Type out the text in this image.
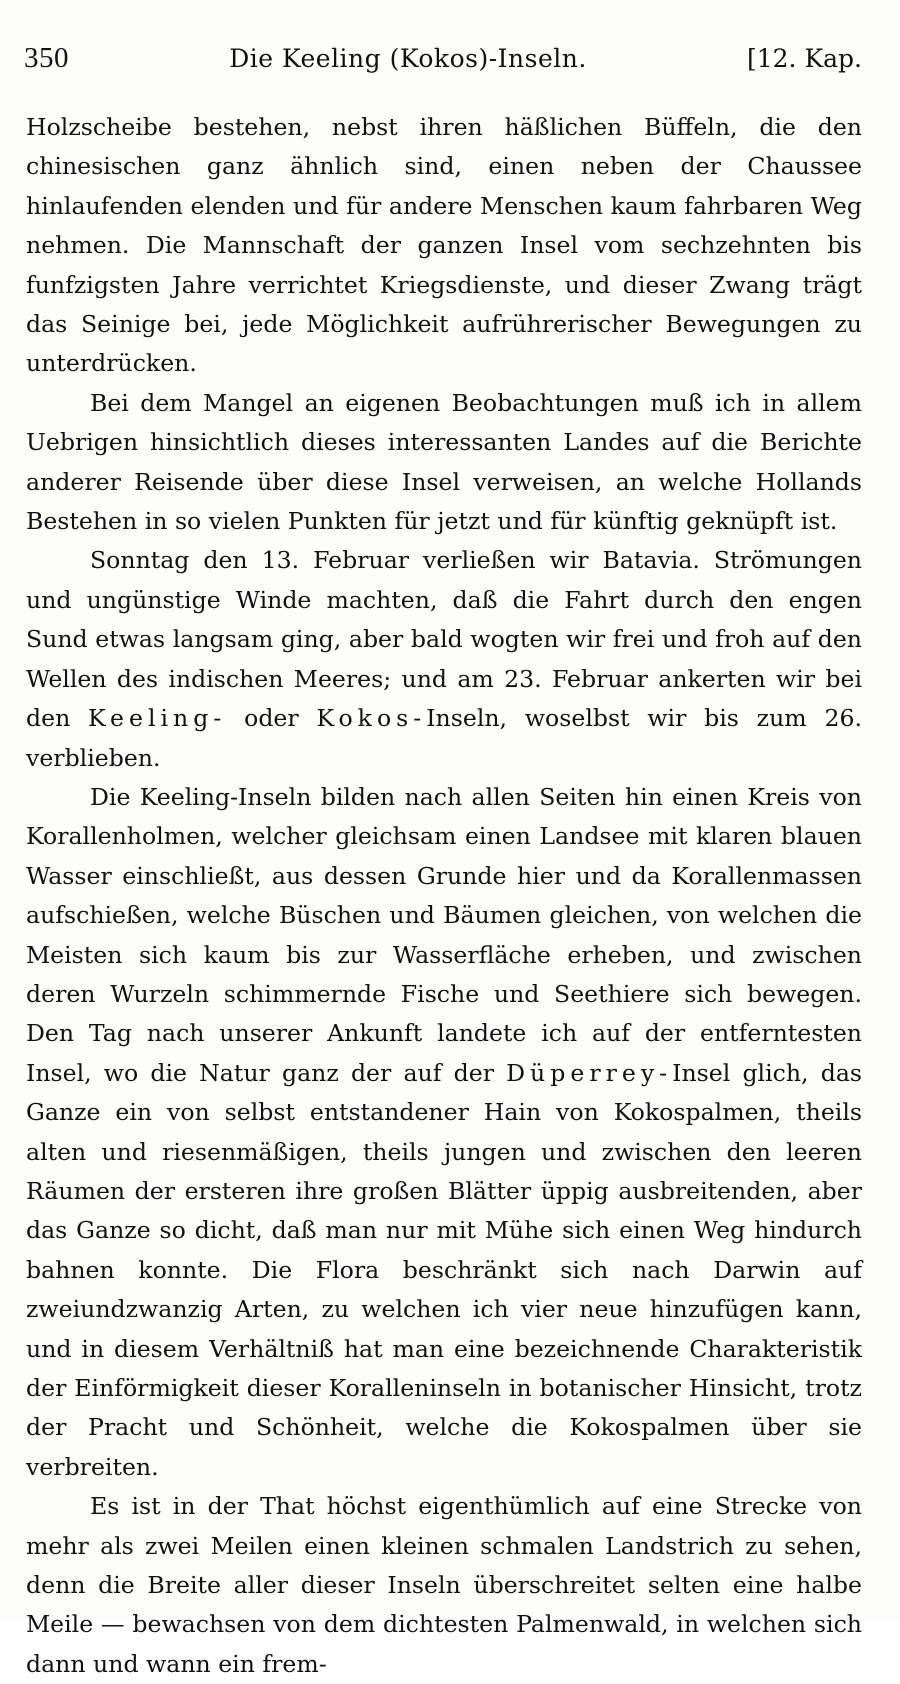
350	Die Keeling (Kokos)-Inseln.	[12. Kap.

Holzscheibe bestehen, nebst ihren häßlichen Büffeln, die den chinesischen ganz ähnlich sind, einen neben der Chaussee hinlaufenden elenden und für andere Menschen kaum fahrbaren Weg nehmen. Die Mannschaft der ganzen Insel vom sechzehnten bis funfzigsten Jahre verrichtet Kriegsdienste, und dieser Zwang trägt das Seinige bei, jede Möglichkeit aufrührerischer Bewegungen zu unterdrücken.

Bei dem Mangel an eigenen Beobachtungen muß ich in allem Uebrigen hinsichtlich dieses interessanten Landes auf die Berichte anderer Reisende über diese Insel verweisen, an welche Hollands Bestehen in so vielen Punkten für jetzt und für künftig geknüpft ist.

Sonntag den 13. Februar verließen wir Batavia. Strömungen und ungünstige Winde machten, daß die Fahrt durch den engen Sund etwas langsam ging, aber bald wogten wir frei und froh auf den Wellen des indischen Meeres; und am 23. Februar ankerten wir bei den Keeling- oder Kokos-Inseln, woselbst wir bis zum 26. verblieben.

Die Keeling-Inseln bilden nach allen Seiten hin einen Kreis von Korallenholmen, welcher gleichsam einen Landsee mit klaren blauen Wasser einschließt, aus dessen Grunde hier und da Korallenmassen aufschießen, welche Büschen und Bäumen gleichen, von welchen die Meisten sich kaum bis zur Wasserfläche erheben, und zwischen deren Wurzeln schimmernde Fische und Seethiere sich bewegen. Den Tag nach unserer Ankunft landete ich auf der entferntesten Insel, wo die Natur ganz der auf der Düperrey-Insel glich, das Ganze ein von selbst entstandener Hain von Kokospalmen, theils alten und riesenmäßigen, theils jungen und zwischen den leeren Räumen der ersteren ihre großen Blätter üppig ausbreitenden, aber das Ganze so dicht, daß man nur mit Mühe sich einen Weg hindurch bahnen konnte. Die Flora beschränkt sich nach Darwin auf zweiundzwanzig Arten, zu welchen ich vier neue hinzufügen kann, und in diesem Verhältniß hat man eine bezeichnende Charakteristik der Einförmigkeit dieser Koralleninseln in botanischer Hinsicht, trotz der Pracht und Schönheit, welche die Kokospalmen über sie verbreiten.

Es ist in der That höchst eigenthümlich auf eine Strecke von mehr als zwei Meilen einen kleinen schmalen Landstrich zu sehen, denn die Breite aller dieser Inseln überschreitet selten eine halbe Meile — bewachsen von dem dichtesten Palmenwald, in welchen sich dann und wann ein frem-
